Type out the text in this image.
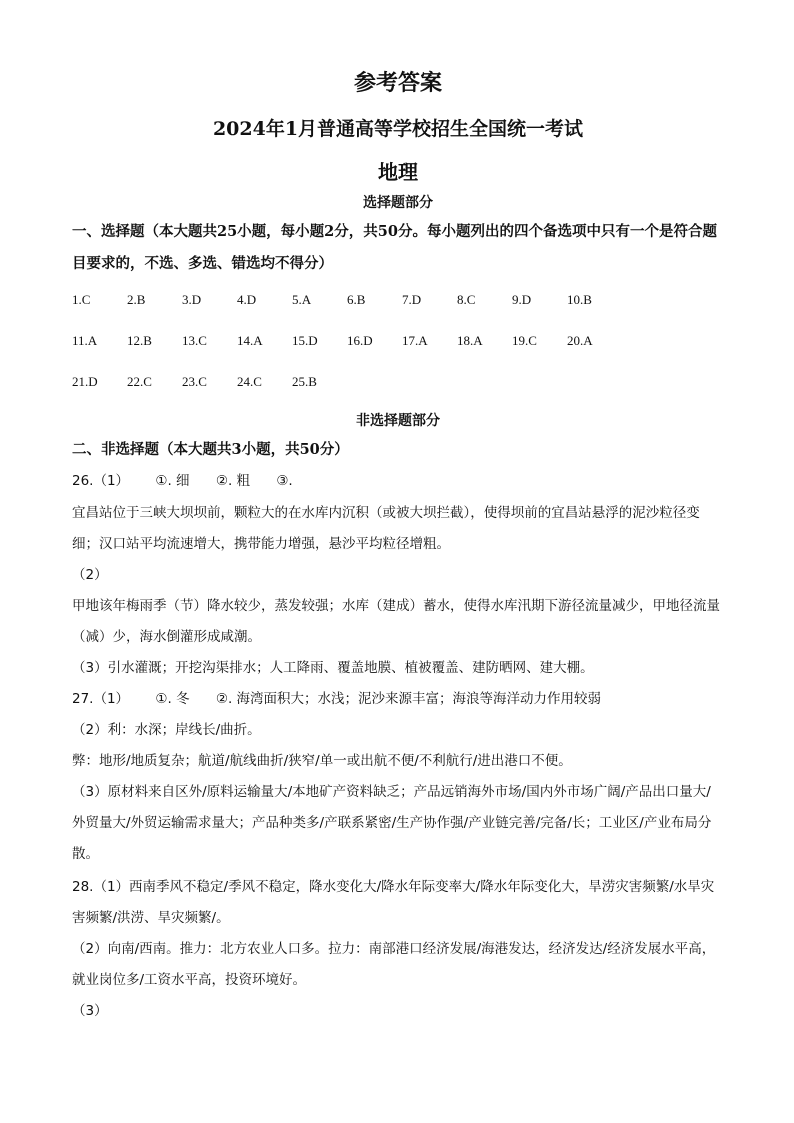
参考答案
2024年1月普通高等学校招生全国统一考试
地理
选择题部分
一、选择题（本大题共25小题，每小题2分，共50分。每小题列出的四个备选项中只有一个是符合题目要求的，不选、多选、错选均不得分）
1.C	2.B	3.D	4.D	5.A	6.B	7.D	8.C	9.D	10.B
11.A 12.B 13.C 14.A 15.D 16.D 17.A 18.A 19.C 20.A
21.D 22.C 23.C 24.C 25.B
非选择题部分
二、非选择题（本大题共3小题，共50分）
26.（1） ①. 细 ②. 粗 ③.
宜昌站位于三峡大坝坝前，颗粒大的在水库内沉积（或被大坝拦截），使得坝前的宜昌站悬浮的泥沙粒径变细；汉口站平均流速增大，携带能力增强，悬沙平均粒径增粗。
（2）
甲地该年梅雨季（节）降水较少，蒸发较强；水库（建成）蓄水，使得水库汛期下游径流量减少，甲地径流量（减）少，海水倒灌形成咸潮。
（3）引水灌溉；开挖沟渠排水；人工降雨、覆盖地膜、植被覆盖、建防晒网、建大棚。
27.（1） ①. 冬 ②. 海湾面积大；水浅；泥沙来源丰富；海浪等海洋动力作用较弱
（2）利：水深；岸线长/曲折。
弊：地形/地质复杂；航道/航线曲折/狭窄/单一或出航不便/不利航行/进出港口不便。
（3）原材料来自区外/原料运输量大/本地矿产资料缺乏；产品远销海外市场/国内外市场广阔/产品出口量大/外贸量大/外贸运输需求量大；产品种类多/产联系紧密/生产协作强/产业链完善/完备/长；工业区/产业布局分散。
28.（1）西南季风不稳定/季风不稳定，降水变化大/降水年际变率大/降水年际变化大，旱涝灾害频繁/水旱灾害频繁/洪涝、旱灾频繁/。
（2）向南/西南。推力：北方农业人口多。拉力：南部港口经济发展/海港发达，经济发达/经济发展水平高，就业岗位多/工资水平高，投资环境好。
（3）
